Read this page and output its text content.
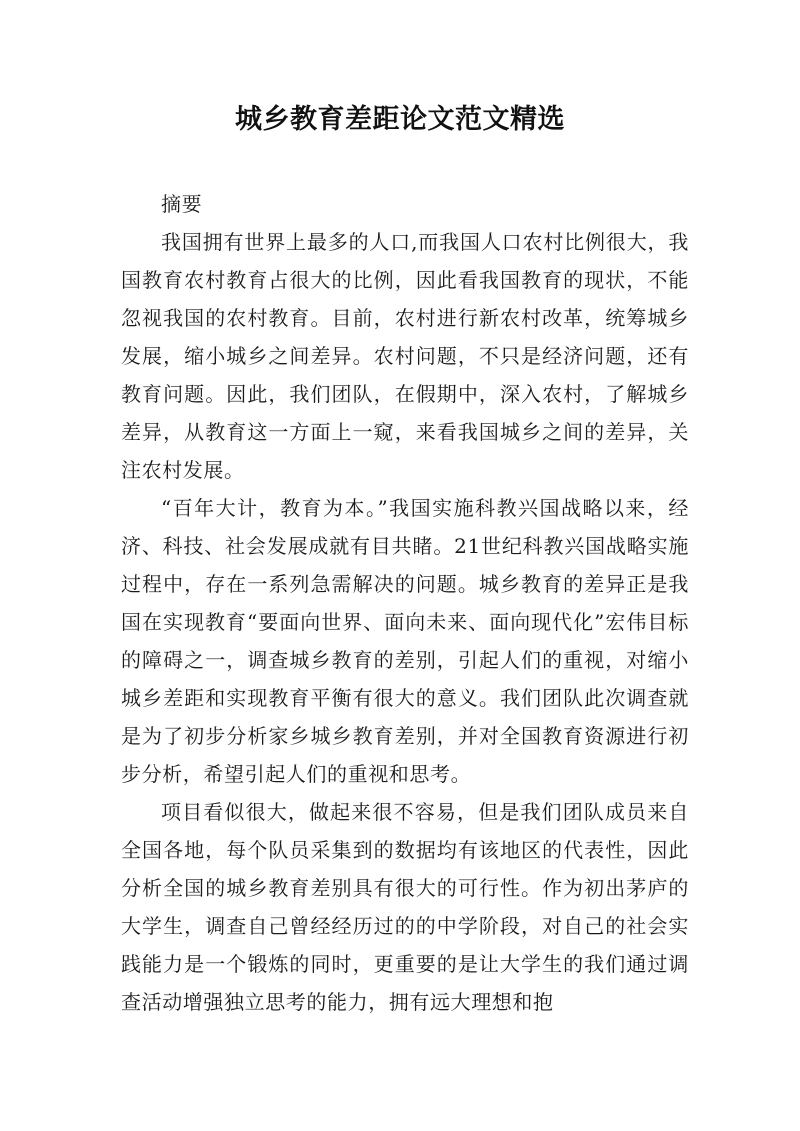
城乡教育差距论文范文精选

摘要

我国拥有世界上最多的人口,而我国人口农村比例很大，我国教育农村教育占很大的比例，因此看我国教育的现状，不能忽视我国的农村教育。目前，农村进行新农村改革，统筹城乡发展，缩小城乡之间差异。农村问题，不只是经济问题，还有教育问题。因此，我们团队，在假期中，深入农村，了解城乡差异，从教育这一方面上一窥，来看我国城乡之间的差异，关注农村发展。

“百年大计，教育为本。”我国实施科教兴国战略以来，经济、科技、社会发展成就有目共睹。21世纪科教兴国战略实施过程中，存在一系列急需解决的问题。城乡教育的差异正是我国在实现教育“要面向世界、面向未来、面向现代化”宏伟目标的障碍之一，调查城乡教育的差别，引起人们的重视，对缩小城乡差距和实现教育平衡有很大的意义。我们团队此次调查就是为了初步分析家乡城乡教育差别，并对全国教育资源进行初步分析，希望引起人们的重视和思考。

项目看似很大，做起来很不容易，但是我们团队成员来自全国各地，每个队员采集到的数据均有该地区的代表性，因此分析全国的城乡教育差别具有很大的可行性。作为初出茅庐的大学生，调查自己曾经经历过的的中学阶段，对自己的社会实践能力是一个锻炼的同时，更重要的是让大学生的我们通过调查活动增强独立思考的能力，拥有远大理想和抱
